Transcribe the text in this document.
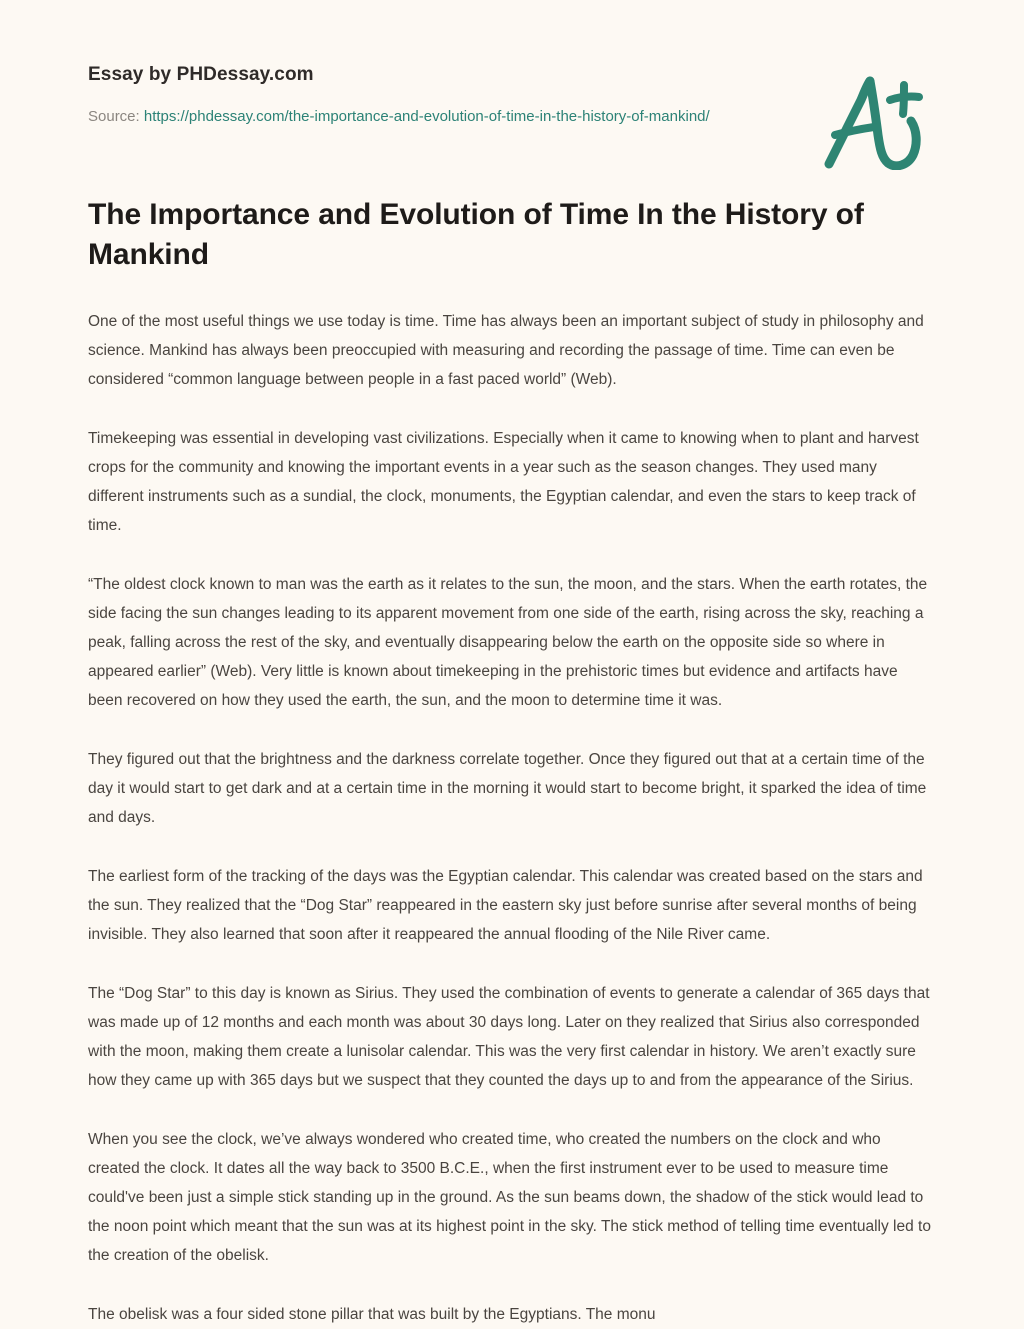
Essay by PHDessay.com
Source: https://phdessay.com/the-importance-and-evolution-of-time-in-the-history-of-mankind/
The Importance and Evolution of Time In the History of Mankind

One of the most useful things we use today is time. Time has always been an important subject of study in philosophy and science. Mankind has always been preoccupied with measuring and recording the passage of time. Time can even be considered “common language between people in a fast paced world” (Web).

Timekeeping was essential in developing vast civilizations. Especially when it came to knowing when to plant and harvest crops for the community and knowing the important events in a year such as the season changes. They used many different instruments such as a sundial, the clock, monuments, the Egyptian calendar, and even the stars to keep track of time.

“The oldest clock known to man was the earth as it relates to the sun, the moon, and the stars. When the earth rotates, the side facing the sun changes leading to its apparent movement from one side of the earth, rising across the sky, reaching a peak, falling across the rest of the sky, and eventually disappearing below the earth on the opposite side so where in appeared earlier” (Web). Very little is known about timekeeping in the prehistoric times but evidence and artifacts have been recovered on how they used the earth, the sun, and the moon to determine time it was.

They figured out that the brightness and the darkness correlate together. Once they figured out that at a certain time of the day it would start to get dark and at a certain time in the morning it would start to become bright, it sparked the idea of time and days.

The earliest form of the tracking of the days was the Egyptian calendar. This calendar was created based on the stars and the sun. They realized that the “Dog Star” reappeared in the eastern sky just before sunrise after several months of being invisible. They also learned that soon after it reappeared the annual flooding of the Nile River came.

The “Dog Star” to this day is known as Sirius. They used the combination of events to generate a calendar of 365 days that was made up of 12 months and each month was about 30 days long. Later on they realized that Sirius also corresponded with the moon, making them create a lunisolar calendar. This was the very first calendar in history. We aren’t exactly sure how they came up with 365 days but we suspect that they counted the days up to and from the appearance of the Sirius.

When you see the clock, we’ve always wondered who created time, who created the numbers on the clock and who created the clock. It dates all the way back to 3500 B.C.E., when the first instrument ever to be used to measure time could've been just a simple stick standing up in the ground. As the sun beams down, the shadow of the stick would lead to the noon point which meant that the sun was at its highest point in the sky. The stick method of telling time eventually led to the creation of the obelisk.

The obelisk was a four sided stone pillar that was built by the Egyptians. The monu
